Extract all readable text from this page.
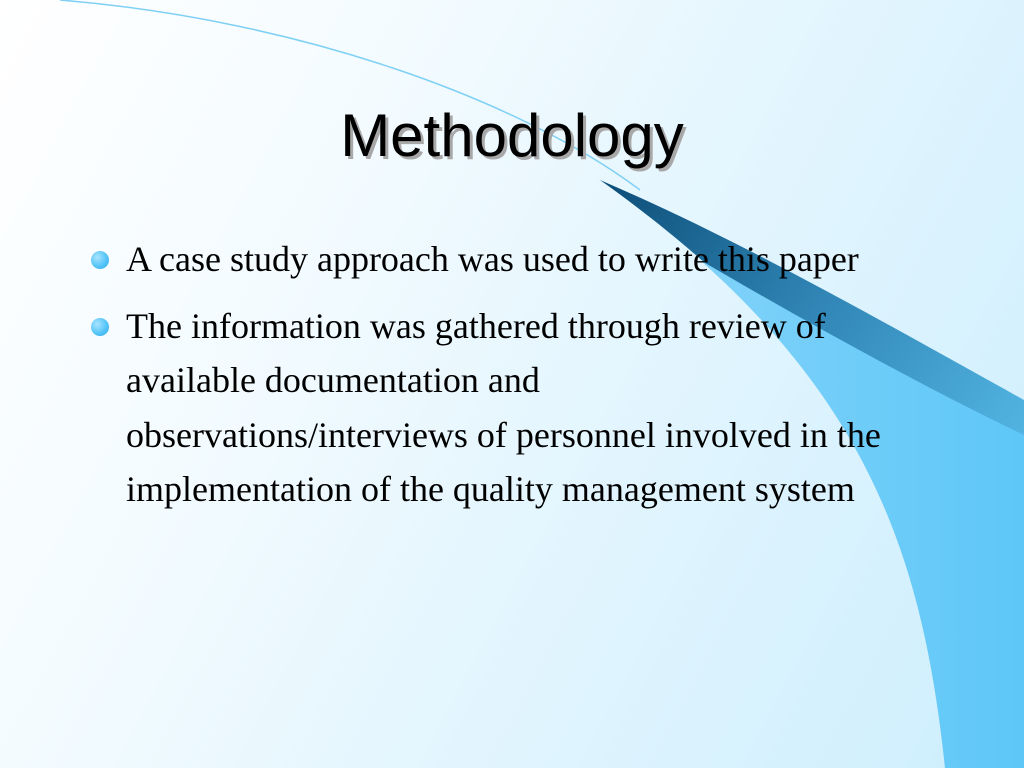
Methodology
A case study approach was used to write this paper
The information was gathered through review of available documentation and observations/interviews of personnel involved in the implementation of the quality management system
